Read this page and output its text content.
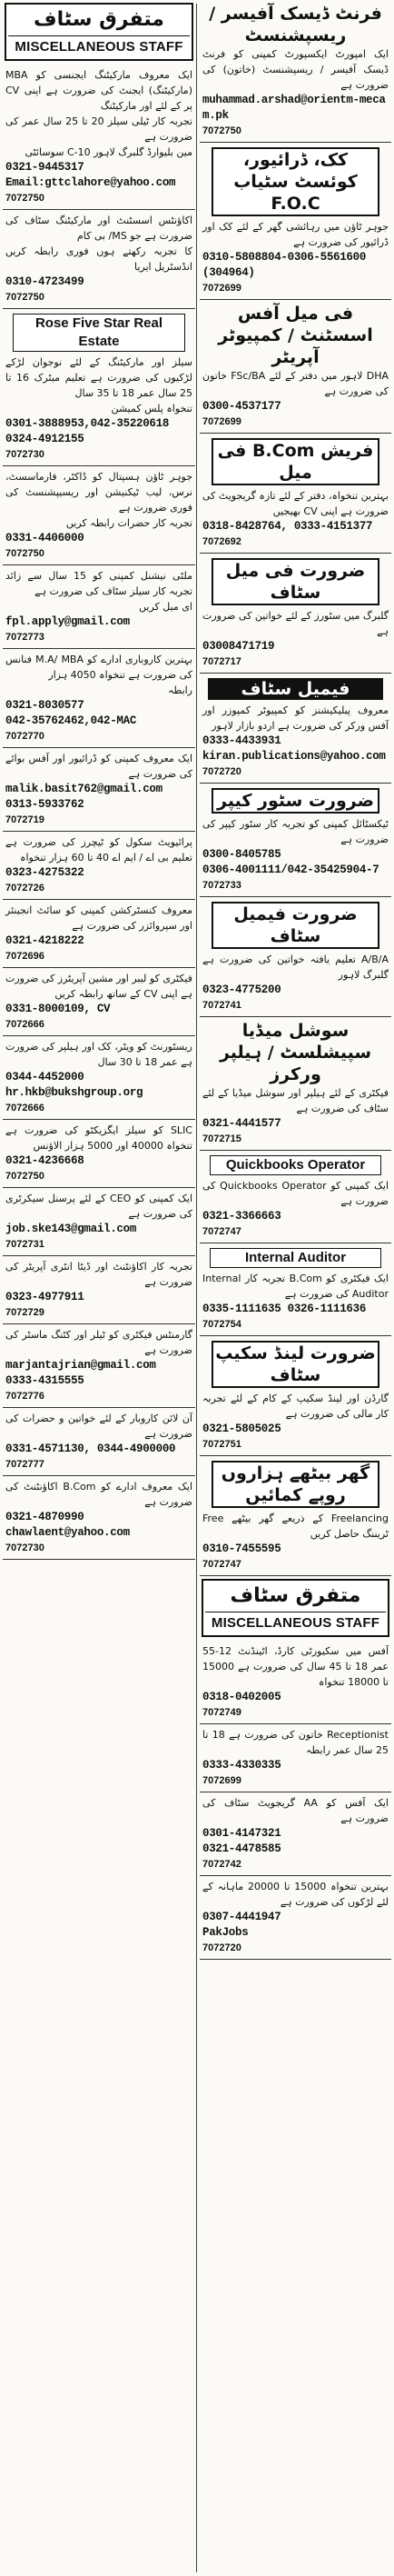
متفرق سٹاف
MISCELLANEOUS STAFF
ایک معروف مارکیٹنگ ایجنسی کو MBA (مارکیٹنگ) ایجنٹ کی ضرورت ہے اپنی CV پر کے لئے اور مارکیٹنگ
تجربہ کار ٹیلی سیلز 20 تا 25 سال عمر کی ضرورت ہے
مین بلیوارڈ گلبرگ لاہور 10-C سوسائٹی
0321-9445317
Email:gttclahore@yahoo.com
7072750
اکاؤنٹس اسسٹنٹ اور مارکیٹنگ سٹاف کی ضرورت ہے جو MS/ بی کام
کا تجربہ رکھتے ہوں فوری رابطہ کریں انڈسٹریل ایریا
0310-4723499
7072750
Rose Five Star Real Estate
سیلز اور مارکیٹنگ کے لئے نوجوان لڑکے لڑکیوں کی ضرورت ہے تعلیم میٹرک 16 تا 25 سال عمر 18 تا 35 سال
تنخواہ پلس کمیشن
0301-3888953,042-35220618
0324-4912155
7072730
جوہر ٹاؤن ہسپتال کو ڈاکٹر، فارماسسٹ، نرس، لیب ٹیکنیشن اور ریسیپشنسٹ کی فوری ضرورت ہے
تجربہ کار حضرات رابطہ کریں
0331-4406000
7072750
ملٹی نیشنل کمپنی کو 15 سال سے زائد تجربہ کار سیلز سٹاف کی ضرورت ہے
ای میل کریں
fpl.apply@gmail.com
7072773
بہترین کاروباری ادارے کو M.A/ MBA فنانس کی ضرورت ہے تنخواہ 4050 ہزار
رابطہ
0321-8030577
042-35762462,042-MAC
7072770
ایک معروف کمپنی کو ڈرائیور اور آفس بوائے کی ضرورت ہے
malik.basit762@gmail.com
0313-5933762
7072719
پرائیویٹ سکول کو ٹیچرز کی ضرورت ہے تعلیم بی اے / ایم اے 40 تا 60 ہزار تنخواہ
0323-4275322
7072726
معروف کنسٹرکشن کمپنی کو سائٹ انجینئر اور سپروائزر کی ضرورت ہے
0321-4218222
7072696
فیکٹری کو لیبر اور مشین آپریٹرز کی ضرورت ہے اپنی CV کے ساتھ رابطہ کریں
0331-8000109, CV
7072666
ریسٹورنٹ کو ویٹر، کک اور ہیلپر کی ضرورت ہے عمر 18 تا 30 سال
0344-4452000
hr.hkb@bukshgroup.org
7072666
SLIC کو سیلز ایگزیکٹو کی ضرورت ہے تنخواہ 40000 اور 5000 ہزار الاؤنس
0321-4236668
7072750
ایک کمپنی کو CEO کے لئے پرسنل سیکرٹری کی ضرورت ہے
job.ske143@gmail.com
7072731
تجربہ کار اکاؤنٹنٹ اور ڈیٹا انٹری آپریٹر کی ضرورت ہے
0323-4977911
7072729
گارمنٹس فیکٹری کو ٹیلر اور کٹنگ ماسٹر کی ضرورت ہے
marjantajrian@gmail.com
0333-4315555
7072776
آن لائن کاروبار کے لئے خواتین و حضرات کی ضرورت ہے
0331-4571130, 0344-4900000
7072777
ایک معروف ادارے کو B.Com اکاؤنٹنٹ کی ضرورت ہے
0321-4870990
chawlaent@yahoo.com
7072730
فرنٹ ڈیسک آفیسر / ریسپشنسٹ
ایک امپورٹ ایکسپورٹ کمپنی کو فرنٹ ڈیسک آفیسر / ریسپشنسٹ (خاتون) کی ضرورت ہے
muhammad.arshad@orientm-mecam.pk
7072750
کک، ڈرائیور، کوئسٹ سٹیاب F.O.C
جوہر ٹاؤن میں رہائشی گھر کے لئے کک اور ڈرائیور کی ضرورت ہے
0310-5808804-0306-5561600
(304964)
7072699
فی میل آفس اسسٹنٹ / کمپیوٹر آپریٹر
DHA لاہور میں دفتر کے لئے FSc/BA خاتون کی ضرورت ہے
0300-4537177
7072699
فریش B.Com فی میل
بہترین تنخواہ، دفتر کے لئے تازہ گریجویٹ کی ضرورت ہے اپنی CV بھیجیں
0318-8428764, 0333-4151377
7072692
ضرورت فی میل سٹاف
گلبرگ میں سٹورز کے لئے خواتین کی ضرورت ہے
03008471719
7072717
فیمیل سٹاف
معروف پبلیکیشنز کو کمپیوٹر کمپوزر اور آفس ورکر کی ضرورت ہے اردو بازار لاہور
0333-4433931
kiran.publications@yahoo.com
7072720
ضرورت سٹور کیپر
ٹیکسٹائل کمپنی کو تجربہ کار سٹور کیپر کی ضرورت ہے
0300-8405785
0306-4001111/042-35425904-7
7072733
ضرورت فیمیل سٹاف
A/B/A تعلیم یافتہ خواتین کی ضرورت ہے گلبرگ لاہور
0323-4775200
7072741
سوشل میڈیا سپیشلسٹ / ہیلپر ورکرز
فیکٹری کے لئے ہیلپر اور سوشل میڈیا کے لئے سٹاف کی ضرورت ہے
0321-4441577
7072715
Quickbooks Operator
ایک کمپنی کو Quickbooks Operator کی ضرورت ہے
0321-3366663
7072747
Internal Auditor
ایک فیکٹری کو B.Com تجربہ کار Internal Auditor کی ضرورت ہے
0335-1111635 0326-1111636
7072754
ضرورت لینڈ سکیپ سٹاف
گارڈن اور لینڈ سکیپ کے کام کے لئے تجربہ کار مالی کی ضرورت ہے
0321-5805025
7072751
گھر بیٹھے ہزاروں روپے کمائیں
Freelancing کے ذریعے گھر بیٹھے Free ٹریننگ حاصل کریں
0310-7455595
7072747
متفرق سٹاف
MISCELLANEOUS STAFF
آفس میں سکیورٹی کارڈ، اٹینڈنٹ 12-55 عمر 18 تا 45 سال کی ضرورت ہے 15000 تا 18000 تنخواہ
0318-0402005
7072749
Receptionist خاتون کی ضرورت ہے 18 تا 25 سال عمر رابطہ
0333-4330335
7072699
ایک آفس کو AA گریجویٹ سٹاف کی ضرورت ہے
0301-4147321
0321-4478585
7072742
بہترین تنخواہ 15000 تا 20000 ماہانہ کے لئے لڑکوں کی ضرورت ہے
0307-4441947
PakJobs
7072720
